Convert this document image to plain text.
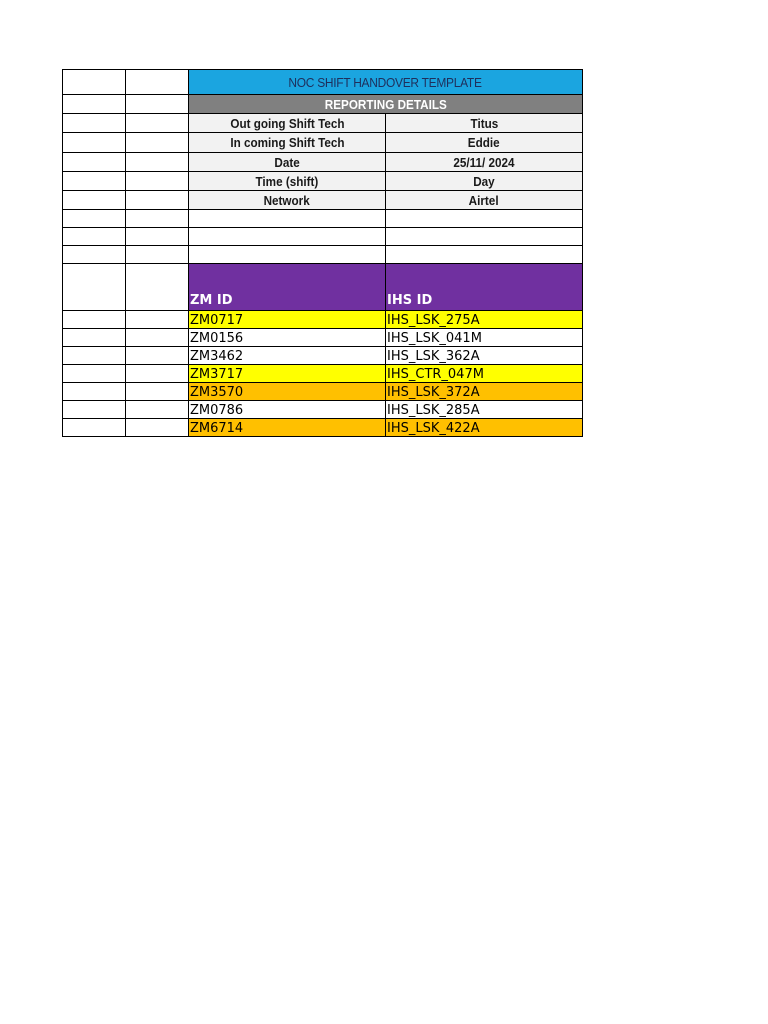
		NOC SHIFT HANDOVER TEMPLATE	
		REPORTING DETAILS	
		Out going Shift Tech	Titus
		In coming Shift Tech	Eddie
		Date	25/11/ 2024
		Time (shift)	Day
		Network	Airtel

		ZM ID	IHS ID
		ZM0717	IHS_LSK_275A
		ZM0156	IHS_LSK_041M
		ZM3462	IHS_LSK_362A
		ZM3717	IHS_CTR_047M
		ZM3570	IHS_LSK_372A
		ZM0786	IHS_LSK_285A
		ZM6714	IHS_LSK_422A
